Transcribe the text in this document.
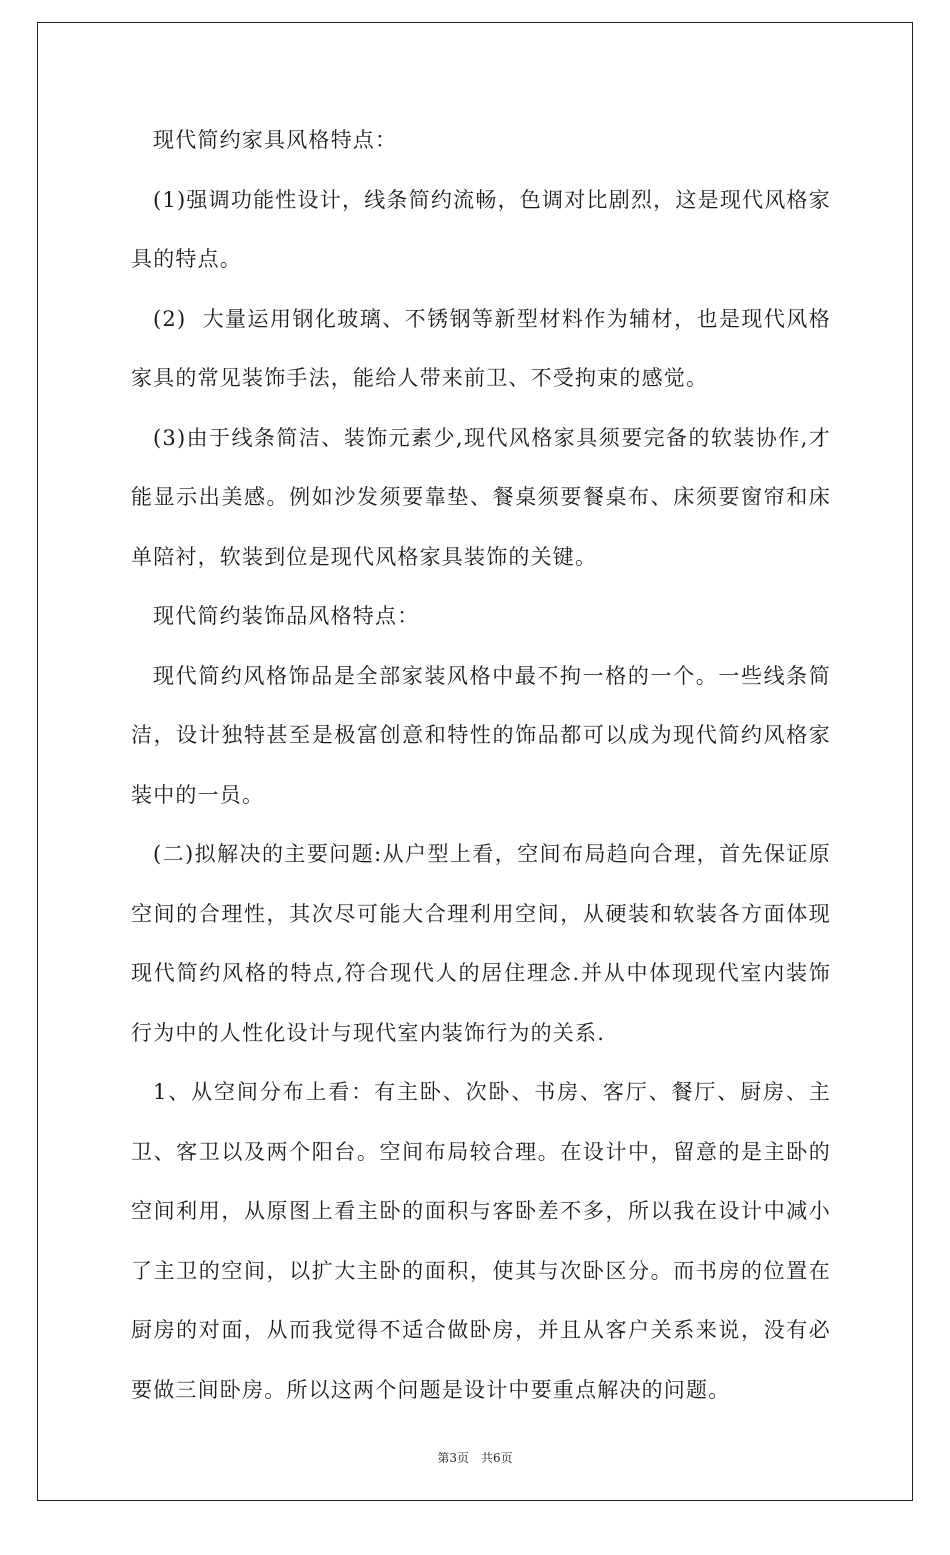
现代简约家具风格特点：

(1)强调功能性设计，线条简约流畅，色调对比剧烈，这是现代风格家具的特点。

(2)  大量运用钢化玻璃、不锈钢等新型材料作为辅材，也是现代风格家具的常见装饰手法，能给人带来前卫、不受拘束的感觉。

(3)由于线条简洁、装饰元素少,现代风格家具须要完备的软装协作,才能显示出美感。例如沙发须要靠垫、餐桌须要餐桌布、床须要窗帘和床单陪衬，软装到位是现代风格家具装饰的关键。

现代简约装饰品风格特点：

现代简约风格饰品是全部家装风格中最不拘一格的一个。一些线条简洁，设计独特甚至是极富创意和特性的饰品都可以成为现代简约风格家装中的一员。

(二)拟解决的主要问题:从户型上看，空间布局趋向合理，首先保证原空间的合理性，其次尽可能大合理利用空间，从硬装和软装各方面体现现代简约风格的特点,符合现代人的居住理念.并从中体现现代室内装饰行为中的人性化设计与现代室内装饰行为的关系.

1、从空间分布上看：有主卧、次卧、书房、客厅、餐厅、厨房、主卫、客卫以及两个阳台。空间布局较合理。在设计中，留意的是主卧的空间利用，从原图上看主卧的面积与客卧差不多，所以我在设计中减小了主卫的空间，以扩大主卧的面积，使其与次卧区分。而书房的位置在厨房的对面，从而我觉得不适合做卧房，并且从客户关系来说，没有必要做三间卧房。所以这两个问题是设计中要重点解决的问题。

第3页 共6页
